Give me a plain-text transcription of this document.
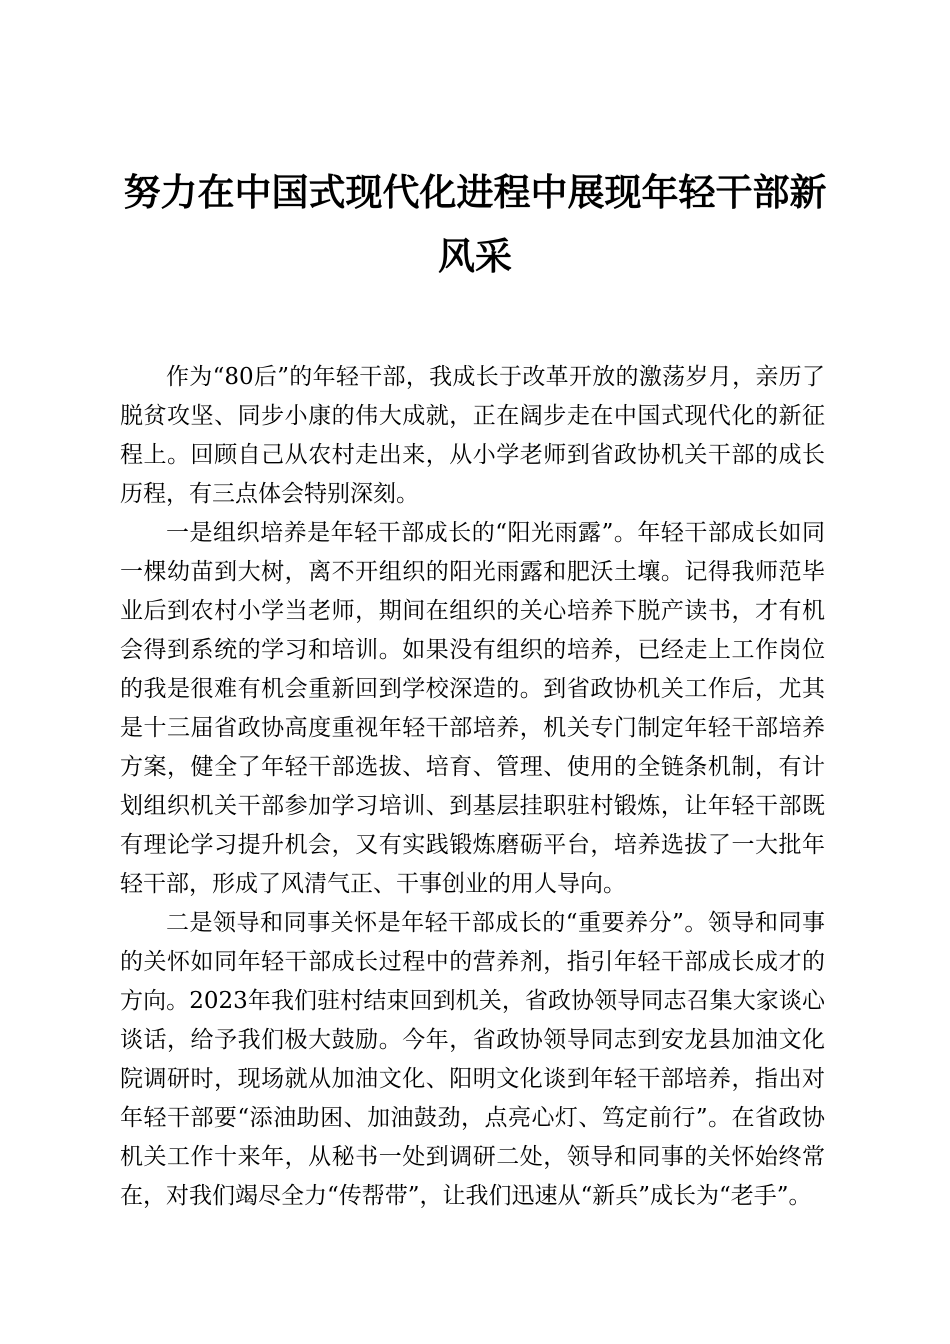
努力在中国式现代化进程中展现年轻干部新风采

作为“80后”的年轻干部，我成长于改革开放的激荡岁月，亲历了脱贫攻坚、同步小康的伟大成就，正在阔步走在中国式现代化的新征程上。回顾自己从农村走出来，从小学老师到省政协机关干部的成长历程，有三点体会特别深刻。

一是组织培养是年轻干部成长的“阳光雨露”。年轻干部成长如同一棵幼苗到大树，离不开组织的阳光雨露和肥沃土壤。记得我师范毕业后到农村小学当老师，期间在组织的关心培养下脱产读书，才有机会得到系统的学习和培训。如果没有组织的培养，已经走上工作岗位的我是很难有机会重新回到学校深造的。到省政协机关工作后，尤其是十三届省政协高度重视年轻干部培养，机关专门制定年轻干部培养方案，健全了年轻干部选拔、培育、管理、使用的全链条机制，有计划组织机关干部参加学习培训、到基层挂职驻村锻炼，让年轻干部既有理论学习提升机会，又有实践锻炼磨砺平台，培养选拔了一大批年轻干部，形成了风清气正、干事创业的用人导向。

二是领导和同事关怀是年轻干部成长的“重要养分”。领导和同事的关怀如同年轻干部成长过程中的营养剂，指引年轻干部成长成才的方向。2023年我们驻村结束回到机关，省政协领导同志召集大家谈心谈话，给予我们极大鼓励。今年，省政协领导同志到安龙县加油文化院调研时，现场就从加油文化、阳明文化谈到年轻干部培养，指出对年轻干部要“添油助困、加油鼓劲，点亮心灯、笃定前行”。在省政协机关工作十来年，从秘书一处到调研二处，领导和同事的关怀始终常在，对我们竭尽全力“传帮带”，让我们迅速从“新兵”成长为“老手”。
